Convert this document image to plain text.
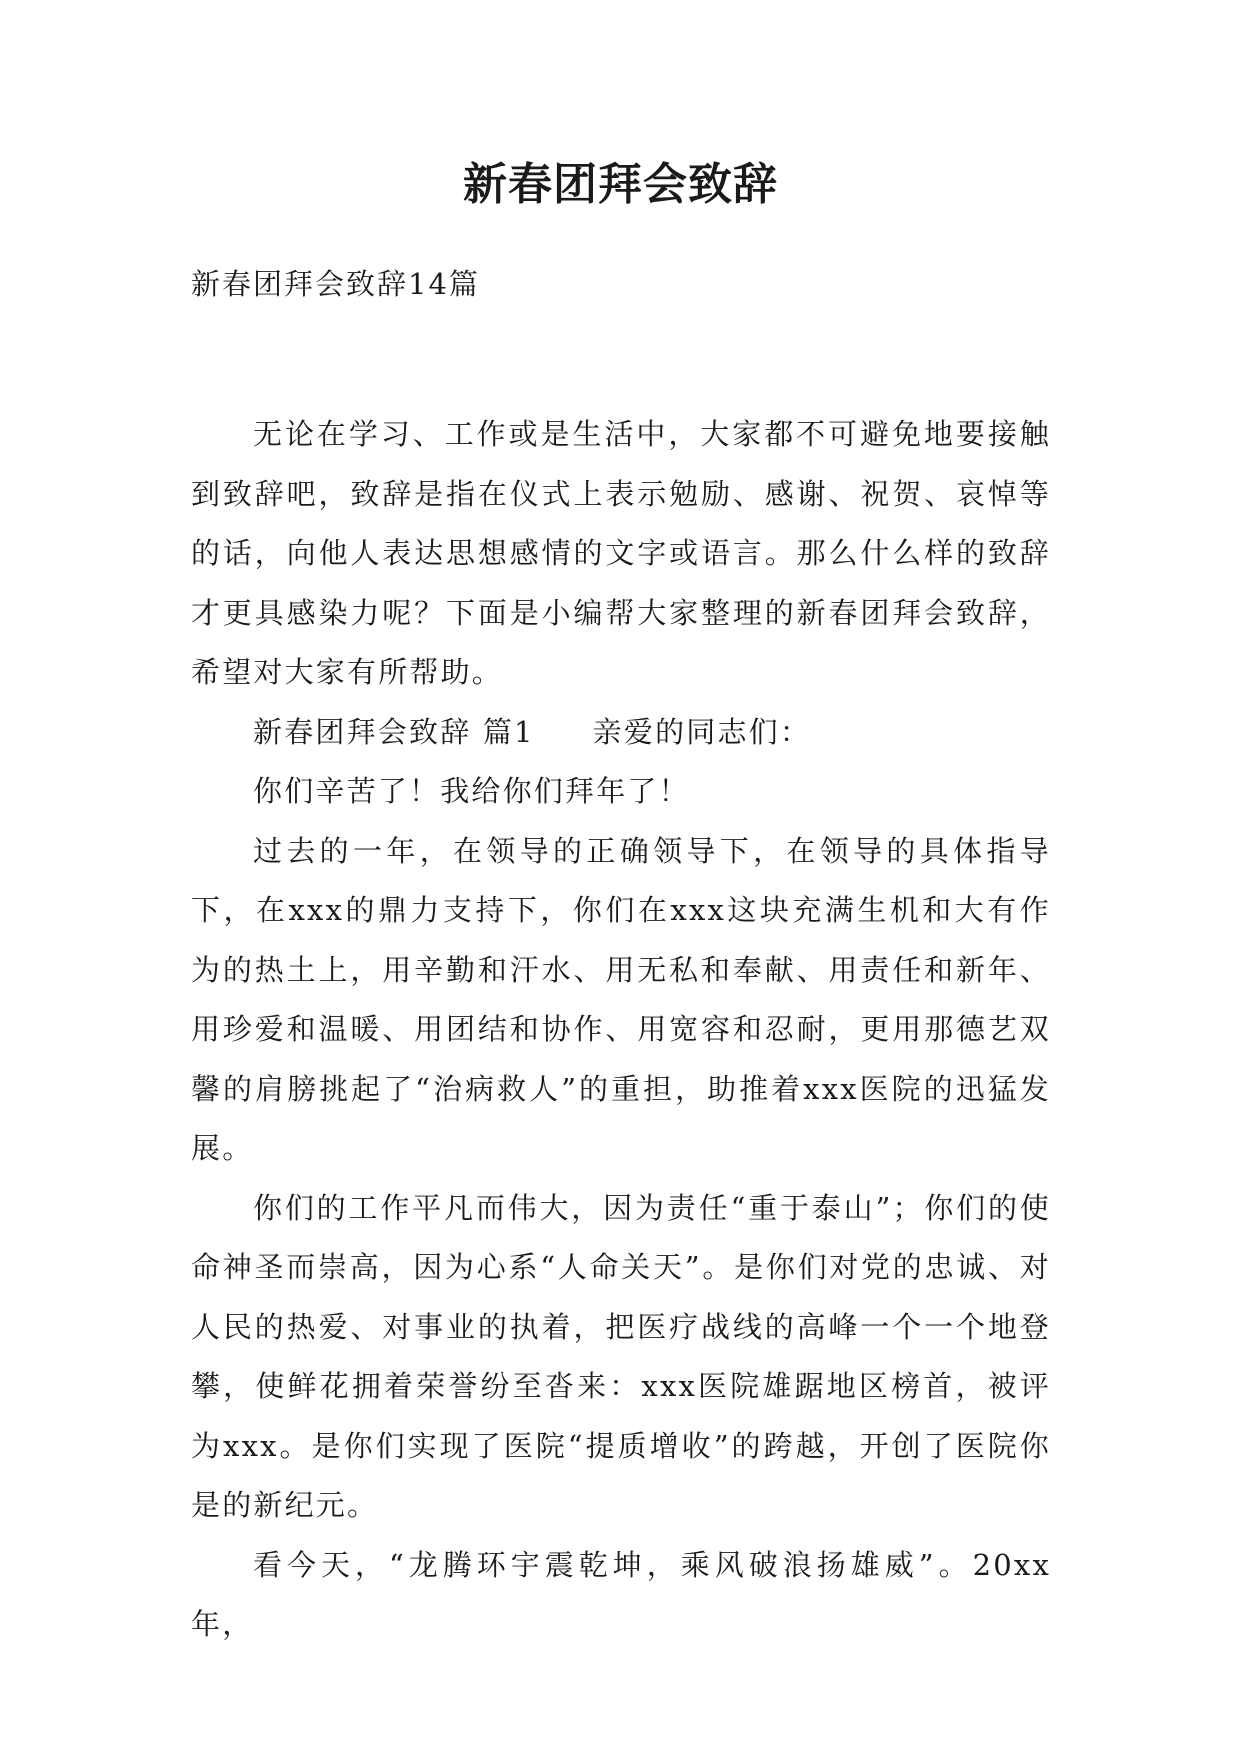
新春团拜会致辞
新春团拜会致辞14篇

无论在学习、工作或是生活中，大家都不可避免地要接触到致辞吧，致辞是指在仪式上表示勉励、感谢、祝贺、哀悼等的话，向他人表达思想感情的文字或语言。那么什么样的致辞才更具感染力呢？下面是小编帮大家整理的新春团拜会致辞，希望对大家有所帮助。

新春团拜会致辞 篇1 亲爱的同志们：

你们辛苦了！我给你们拜年了！

过去的一年，在领导的正确领导下，在领导的具体指导下，在xxx的鼎力支持下，你们在xxx这块充满生机和大有作为的热土上，用辛勤和汗水、用无私和奉献、用责任和新年、用珍爱和温暖、用团结和协作、用宽容和忍耐，更用那德艺双馨的肩膀挑起了“治病救人”的重担，助推着xxx医院的迅猛发展。

你们的工作平凡而伟大，因为责任“重于泰山”；你们的使命神圣而崇高，因为心系“人命关天”。是你们对党的忠诚、对人民的热爱、对事业的执着，把医疗战线的高峰一个一个地登攀，使鲜花拥着荣誉纷至沓来：xxx医院雄踞地区榜首，被评为xxx。是你们实现了医院“提质增收”的跨越，开创了医院你是的新纪元。

看今天，“龙腾环宇震乾坤，乘风破浪扬雄威”。20xx年，
